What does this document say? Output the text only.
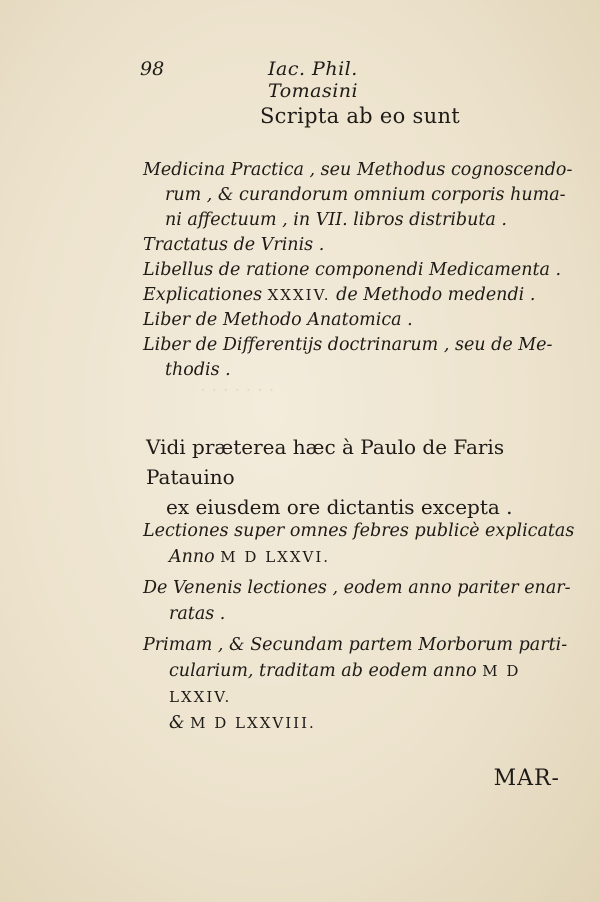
· · · · · · ·
98	Iac. Phil. Tomasini
Scripta ab eo sunt
Medicina Practica , seu Methodus cognoscendo-
rum , & curandorum omnium corporis huma-
ni affectuum , in VII. libros distributa .
Tractatus de Vrinis .
Libellus de ratione componendi Medicamenta .
Explicationes XXXIV. de Methodo medendi .
Liber de Methodo Anatomica .
Liber de Differentijs doctrinarum , seu de Me-
thodis .
Vidi præterea hæc à Paulo de Faris Patauino
ex eiusdem ore dictantis excepta .
Lectiones super omnes febres publicè explicatas
Anno M D LXXVI.
De Venenis lectiones , eodem anno pariter enar-
ratas .
Primam , & Secundam partem Morborum parti-
cularium, traditam ab eodem anno M D LXXIV.
& M D LXXVIII.
MAR-
